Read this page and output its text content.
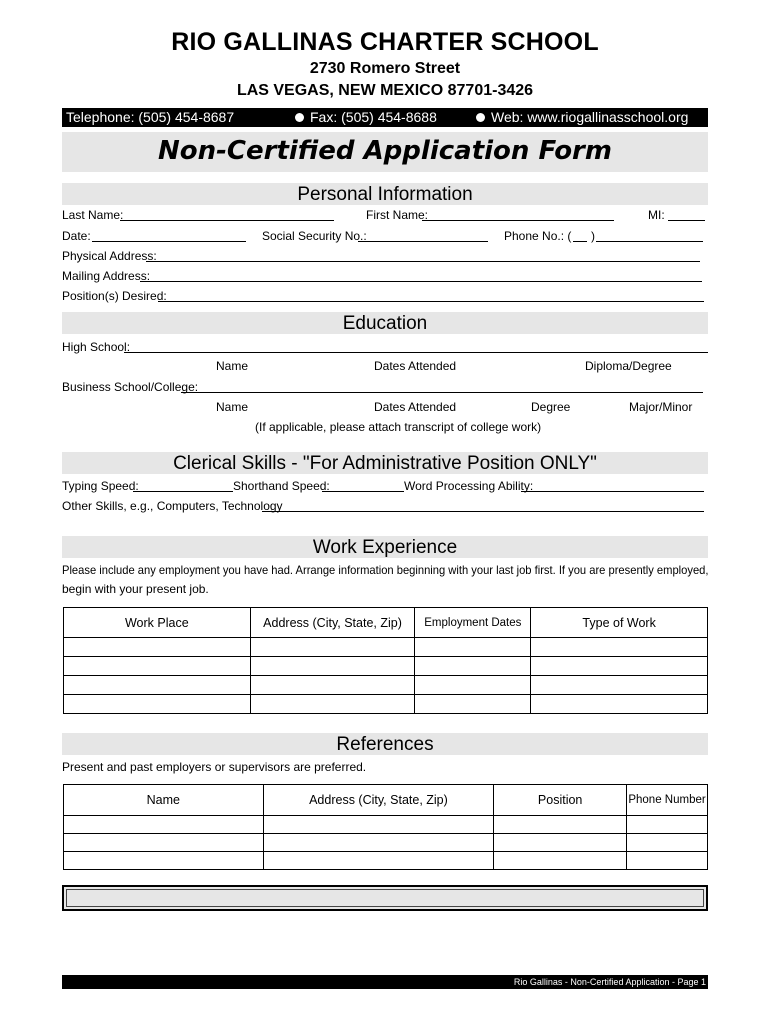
RIO GALLINAS CHARTER SCHOOL
2730 Romero Street
LAS VEGAS, NEW MEXICO 87701-3426
Telephone: (505) 454-8687	Fax: (505) 454-8688	Web: www.riogallinasschool.org
Non-Certified Application Form
Personal Information
Last Name:	First Name:	MI:
Date:	Social Security No.:	Phone No.: ( )
Physical Address:
Mailing Address:
Position(s) Desired:
Education
High School:
Name	Dates Attended	Diploma/Degree
Business School/College:
Name	Dates Attended	Degree	Major/Minor
(If applicable, please attach transcript of college work)
Clerical Skills - "For Administrative Position ONLY"
Typing Speed:	Shorthand Speed:	Word Processing Ability:
Other Skills, e.g., Computers, Technology
Work Experience
Please include any employment you have had. Arrange information beginning with your last job first. If you are presently employed,
begin with your present job.
Work Place	Address (City, State, Zip)	Employment Dates	Type of Work

References
Present and past employers or supervisors are preferred.
Name	Address (City, State, Zip)	Position	Phone Number

Rio Gallinas - Non-Certified Application - Page 1
